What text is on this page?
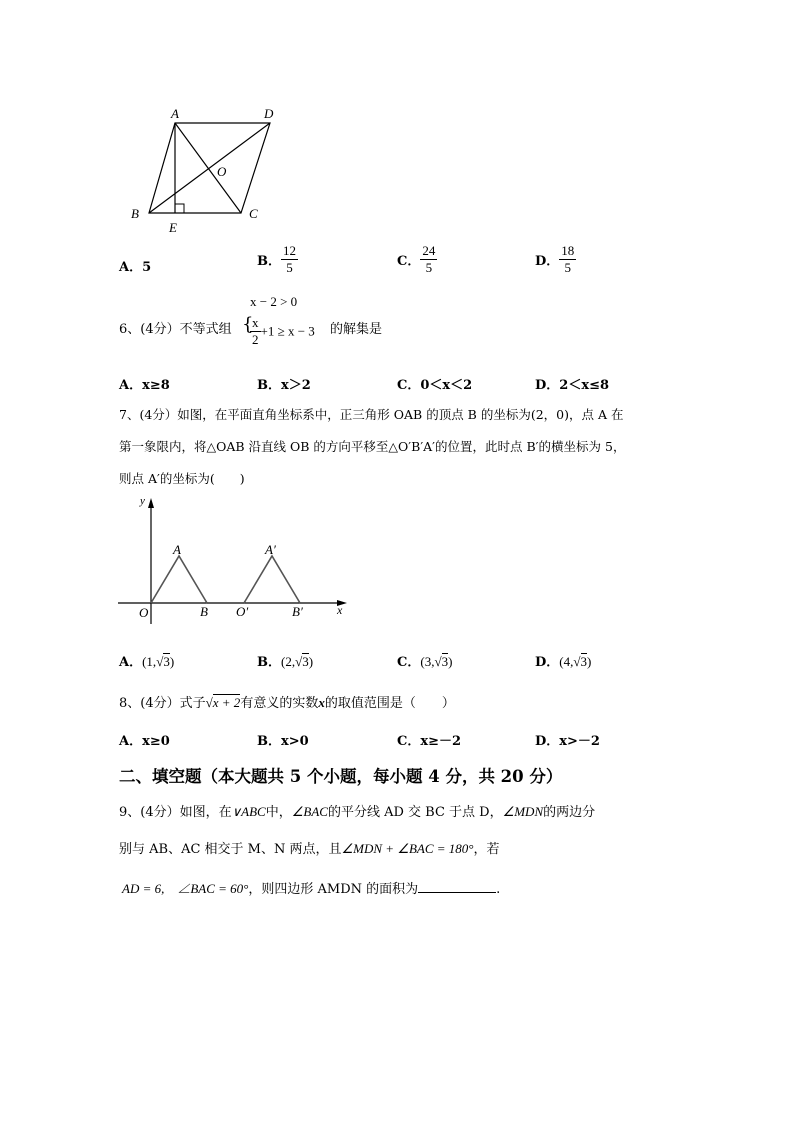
A	D
O
B
E
C
A．5	B． $\frac{12}{5}$	C． $\frac{24}{5}$	D． $\frac{18}{5}$
x − 2 > 0
6、(4分）不等式组 {
$\frac{x}{2} +1 \ge x - 3$ 的解集是
A．x≥8	B．x＞2	C．0＜x＜2	D．2＜x≤8
7、(4分）如图，在平面直角坐标系中，正三角形 OAB 的顶点 B 的坐标为(2，0)，点 A 在
第一象限内，将△OAB 沿直线 OB 的方向平移至△O′B′A′的位置，此时点 B′的横坐标为 5，
则点 A′的坐标为(　　)
y
x
O
A
B O′
A′
B′
A．(1,√3)	B．(2,√3)	C．(3,√3)	D．(4,√3)
8、(4分）式子√x + 2有意义的实数x的取值范围是（　　）
A．x≥0	B．x>0	C．x≥－2	D．x>－2
二、填空题（本大题共 5 个小题，每小题 4 分，共 20 分）
9、(4分）如图，在∨ABC中，∠BAC的平分线 AD 交 BC 于点 D，∠MDN的两边分
别与 AB、AC 相交于 M、N 两点，且∠MDN + ∠BAC = 180°，若
AD = 6,　∠BAC = 60°，则四边形 AMDN 的面积为	.
